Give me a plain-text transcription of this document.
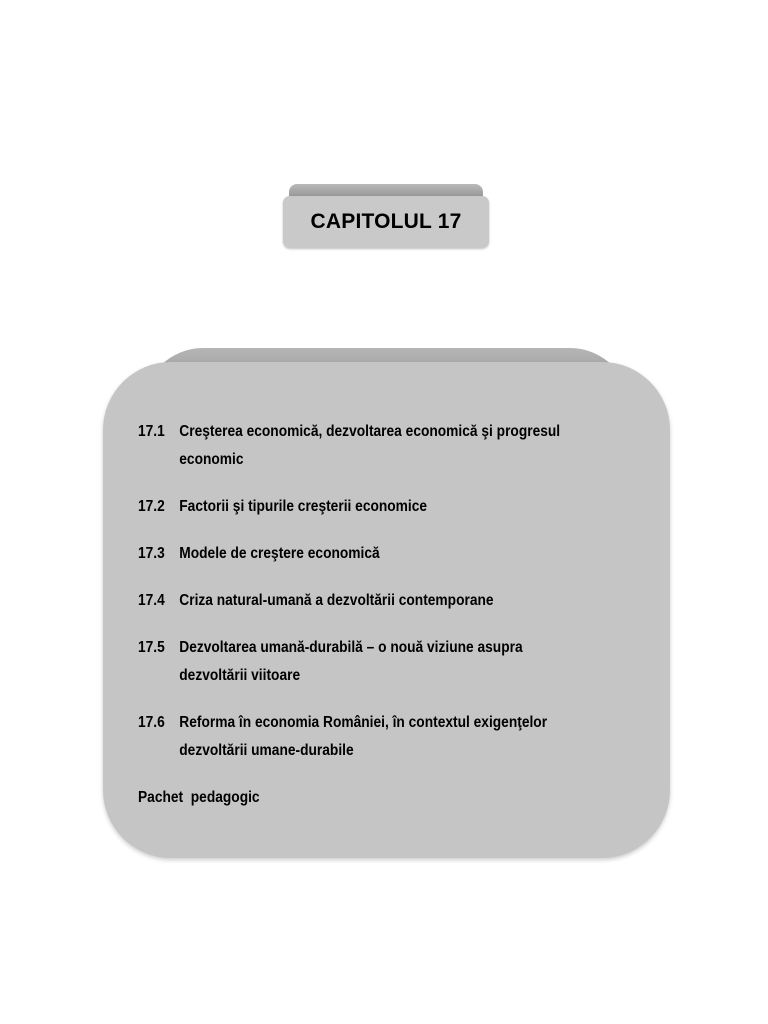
CAPITOLUL 17
17.1 Creşterea economică, dezvoltarea economică şi progresul economic
17.2 Factorii şi tipurile creşterii economice
17.3 Modele de creştere economică
17.4 Criza natural-umană a dezvoltării contemporane
17.5 Dezvoltarea umană-durabilă – o nouă viziune asupra dezvoltării viitoare
17.6 Reforma în economia României, în contextul exigenţelor dezvoltării umane-durabile
Pachet  pedagogic
